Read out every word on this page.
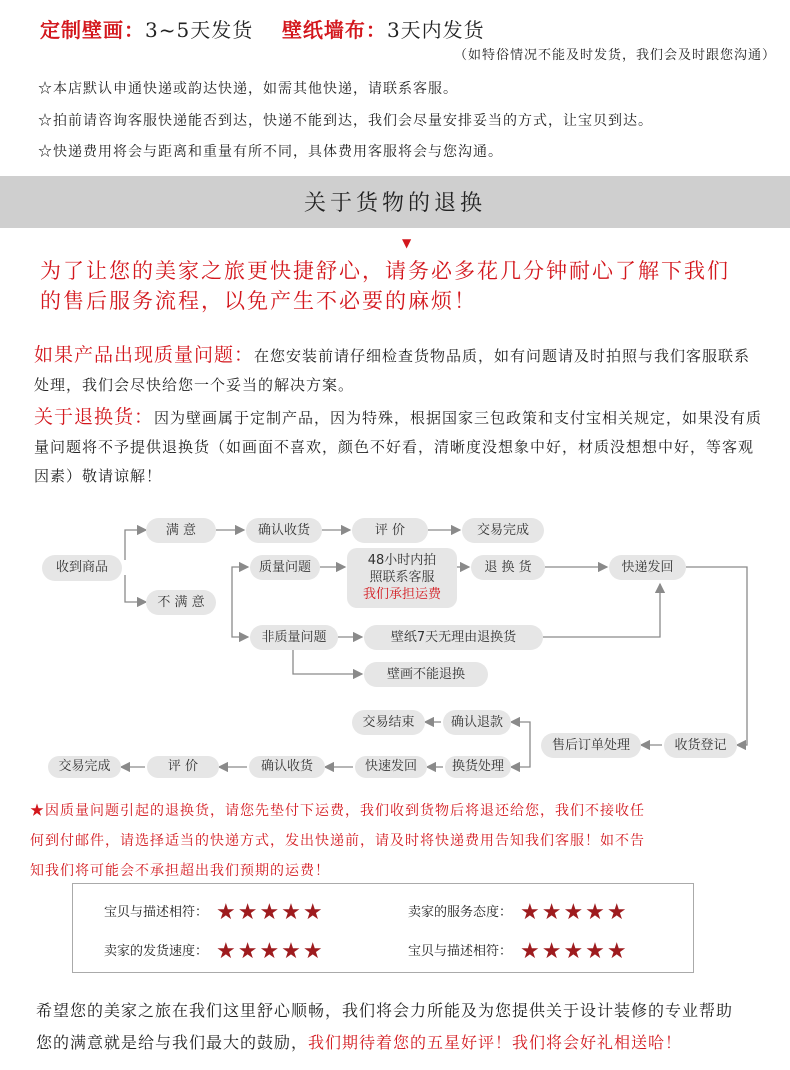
定制壁画：3~5天发货 壁纸墙布：3天内发货
（如特俗情况不能及时发货，我们会及时跟您沟通）
☆本店默认申通快递或韵达快递，如需其他快递，请联系客服。
☆拍前请咨询客服快递能否到达，快递不能到达，我们会尽量安排妥当的方式，让宝贝到达。
☆快递费用将会与距离和重量有所不同，具体费用客服将会与您沟通。
关于货物的退换
▼
为了让您的美家之旅更快捷舒心，请务必多花几分钟耐心了解下我们
的售后服务流程，以免产生不必要的麻烦！
如果产品出现质量问题：在您安装前请仔细检查货物品质，如有问题请及时拍照与我们客服联系处理，我们会尽快给您一个妥当的解决方案。
关于退换货：因为壁画属于定制产品，因为特殊，根据国家三包政策和支付宝相关规定，如果没有质量问题将不予提供退换货（如画面不喜欢，颜色不好看，清晰度没想象中好，材质没想想中好，等客观因素）敬请谅解！
收到商品
满 意	确认收货	评 价	交易完成
不 满 意
质量问题	48小时内拍
照联系客服
我们承担运费
退 换 货	快递发回
非质量问题	壁纸7天无理由退换货
壁画不能退换
交易结束	确认退款
售后订单处理	收货登记
交易完成	评 价	确认收货	快速发回	换货处理
★因质量问题引起的退换货，请您先垫付下运费，我们收到货物后将退还给您，我们不接收任
何到付邮件，请选择适当的快递方式，发出快递前，请及时将快递费用告知我们客服！如不告
知我们将可能会不承担超出我们预期的运费！
宝贝与描述相符： ★★★★★	卖家的服务态度： ★★★★★
卖家的发货速度： ★★★★★	宝贝与描述相符： ★★★★★
希望您的美家之旅在我们这里舒心顺畅，我们将会力所能及为您提供关于设计装修的专业帮助
您的满意就是给与我们最大的鼓励，我们期待着您的五星好评！我们将会好礼相送哈！
